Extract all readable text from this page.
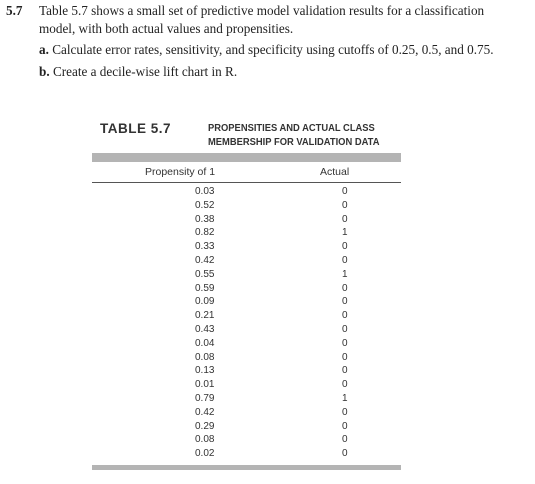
5.7 Table 5.7 shows a small set of predictive model validation results for a classification
model, with both actual values and propensities.

a. Calculate error rates, sensitivity, and specificity using cutoffs of 0.25, 0.5, and 0.75.

b. Create a decile-wise lift chart in R.

TABLE 5.7	PROPENSITIES AND ACTUAL CLASS
MEMBERSHIP FOR VALIDATION DATA
Propensity of 1	Actual
0.03	0
0.52	0
0.38	0
0.82	1
0.33	0
0.42	0
0.55	1
0.59	0
0.09	0
0.21	0
0.43	0
0.04	0
0.08	0
0.13	0
0.01	0
0.79	1
0.42	0
0.29	0
0.08	0
0.02	0
